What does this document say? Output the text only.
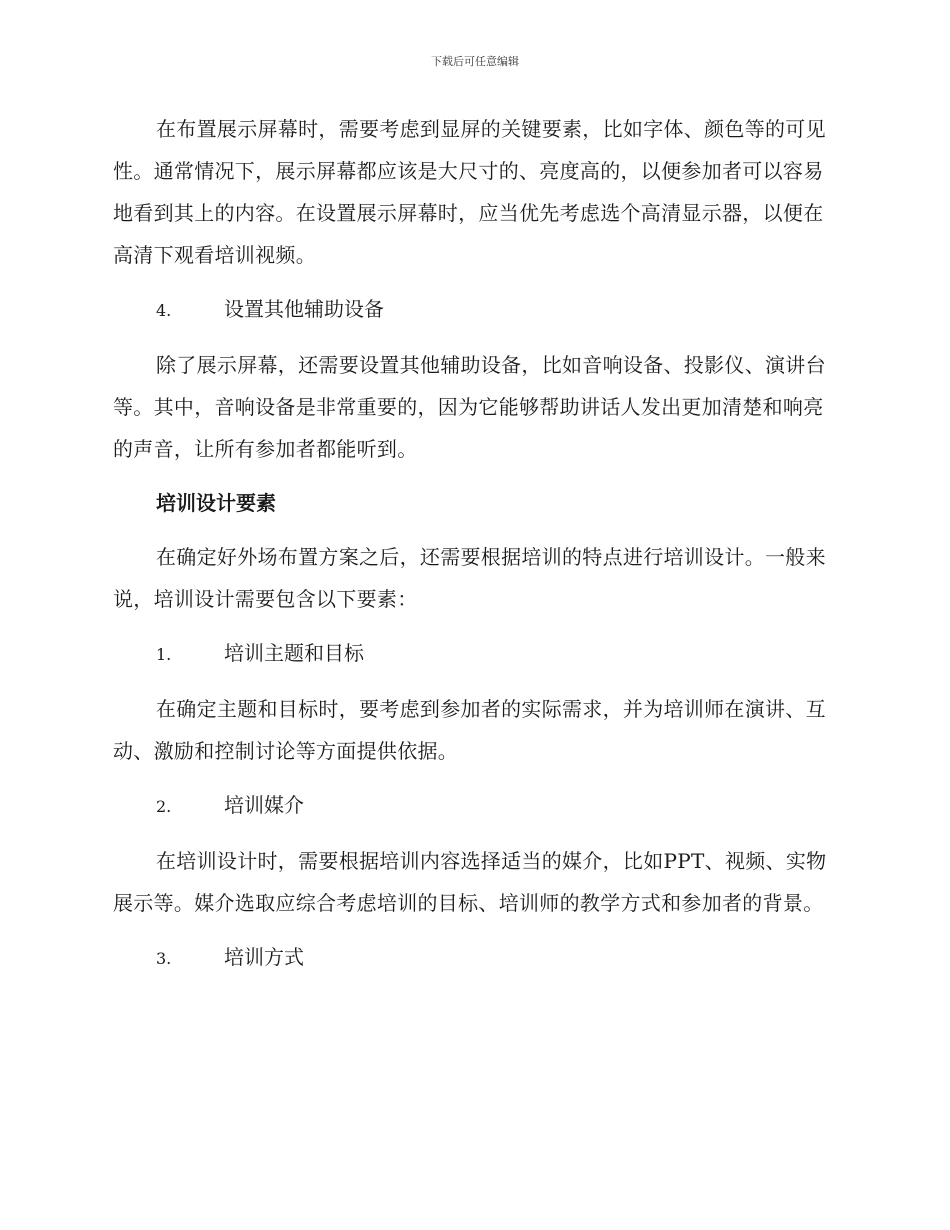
下载后可任意编辑

在布置展示屏幕时，需要考虑到显屏的关键要素，比如字体、颜色等的可见性。通常情况下，展示屏幕都应该是大尺寸的、亮度高的，以便参加者可以容易地看到其上的内容。在设置展示屏幕时，应当优先考虑选个高清显示器，以便在高清下观看培训视频。

4.	设置其他辅助设备

除了展示屏幕，还需要设置其他辅助设备，比如音响设备、投影仪、演讲台等。其中，音响设备是非常重要的，因为它能够帮助讲话人发出更加清楚和响亮的声音，让所有参加者都能听到。

培训设计要素

在确定好外场布置方案之后，还需要根据培训的特点进行培训设计。一般来说，培训设计需要包含以下要素：

1.	培训主题和目标

在确定主题和目标时，要考虑到参加者的实际需求，并为培训师在演讲、互动、激励和控制讨论等方面提供依据。

2.	培训媒介

在培训设计时，需要根据培训内容选择适当的媒介，比如PPT、视频、实物展示等。媒介选取应综合考虑培训的目标、培训师的教学方式和参加者的背景。

3.	培训方式
